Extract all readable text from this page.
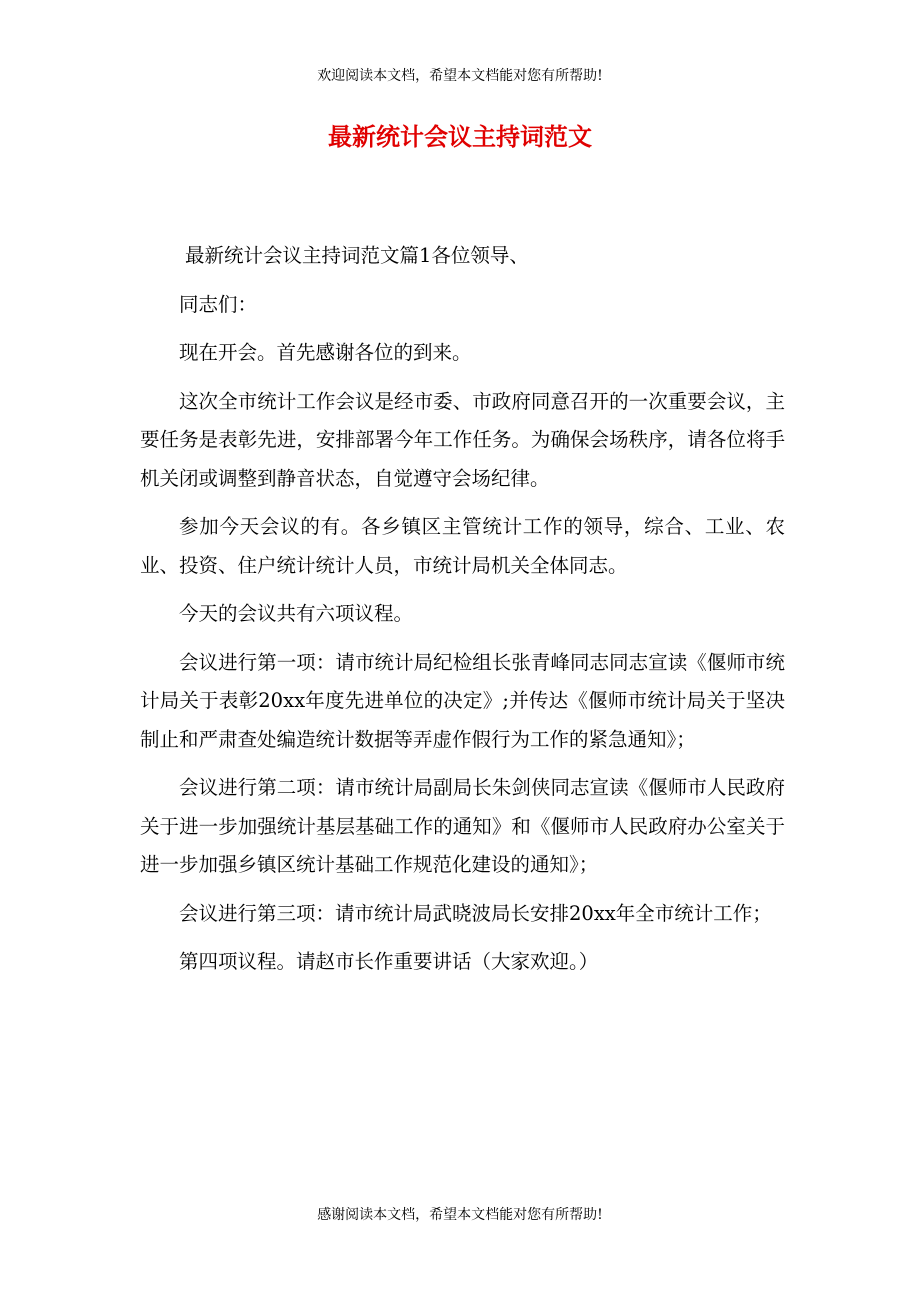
欢迎阅读本文档，希望本文档能对您有所帮助!
最新统计会议主持词范文

最新统计会议主持词范文篇1各位领导、

同志们：

现在开会。首先感谢各位的到来。

这次全市统计工作会议是经市委、市政府同意召开的一次重要会议，主要任务是表彰先进，安排部署今年工作任务。为确保会场秩序，请各位将手机关闭或调整到静音状态，自觉遵守会场纪律。

参加今天会议的有。各乡镇区主管统计工作的领导，综合、工业、农业、投资、住户统计统计人员，市统计局机关全体同志。

今天的会议共有六项议程。

会议进行第一项：请市统计局纪检组长张青峰同志同志宣读《偃师市统计局关于表彰20xx年度先进单位的决定》;并传达《偃师市统计局关于坚决制止和严肃查处编造统计数据等弄虚作假行为工作的紧急通知》；

会议进行第二项：请市统计局副局长朱剑侠同志宣读《偃师市人民政府关于进一步加强统计基层基础工作的通知》和《偃师市人民政府办公室关于进一步加强乡镇区统计基础工作规范化建设的通知》；

会议进行第三项：请市统计局武晓波局长安排20xx年全市统计工作；

第四项议程。请赵市长作重要讲话（大家欢迎。）

感谢阅读本文档，希望本文档能对您有所帮助!
